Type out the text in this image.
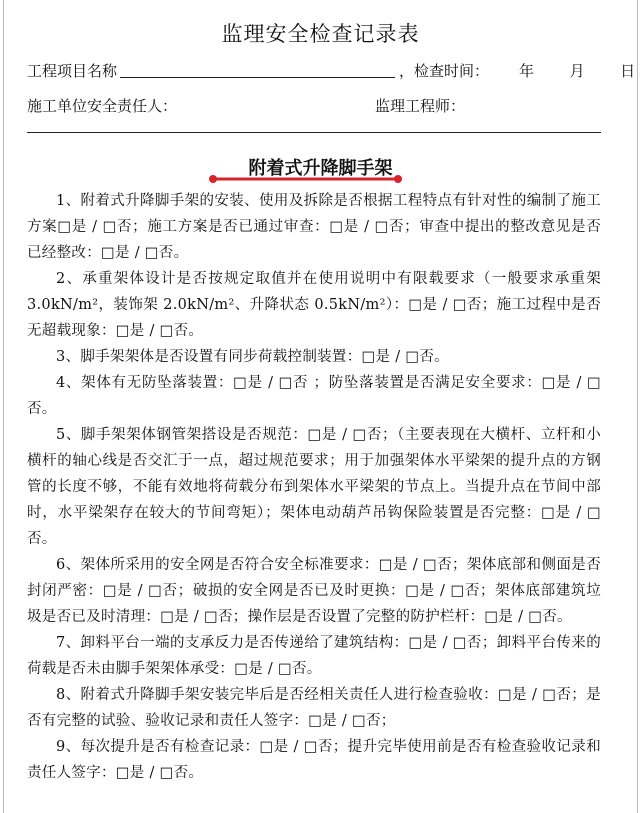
监理安全检查记录表
工程项目名称	，检查时间： 年 月 日
施工单位安全责任人：	监理工程师：
附着式升降脚手架

1、附着式升降脚手架的安装、使用及拆除是否根据工程特点有针对性的编制了施工方案□是 / □否；施工方案是否已通过审查：□是 / □否；审查中提出的整改意见是否已经整改：□是 / □否。

2、承重架体设计是否按规定取值并在使用说明中有限载要求（一般要求承重架3.0kN/m²，装饰架 2.0kN/m²、升降状态 0.5kN/m²）：□是 / □否；施工过程中是否无超载现象：□是 / □否。

3、脚手架架体是否设置有同步荷载控制装置：□是 / □否。

4、架体有无防坠落装置：□是 / □否 ；防坠落装置是否满足安全要求：□是 / □否。

5、脚手架架体钢管架搭设是否规范：□是 / □否；（主要表现在大横杆、立杆和小横杆的轴心线是否交汇于一点，超过规范要求；用于加强架体水平梁架的提升点的方钢管的长度不够，不能有效地将荷载分布到架体水平梁架的节点上。当提升点在节间中部时，水平梁架存在较大的节间弯矩）；架体电动葫芦吊钩保险装置是否完整：□是 / □否。

6、架体所采用的安全网是否符合安全标准要求：□是 / □否；架体底部和侧面是否封闭严密：□是 / □否；破损的安全网是否已及时更换：□是 / □否；架体底部建筑垃圾是否已及时清理：□是 / □否；操作层是否设置了完整的防护栏杆：□是 / □否。

7、卸料平台一端的支承反力是否传递给了建筑结构：□是 / □否；卸料平台传来的荷载是否未由脚手架架体承受：□是 / □否。

8、附着式升降脚手架安装完毕后是否经相关责任人进行检查验收：□是 / □否；是否有完整的试验、验收记录和责任人签字：□是 / □否；

9、每次提升是否有检查记录：□是 / □否；提升完毕使用前是否有检查验收记录和责任人签字：□是 / □否。
